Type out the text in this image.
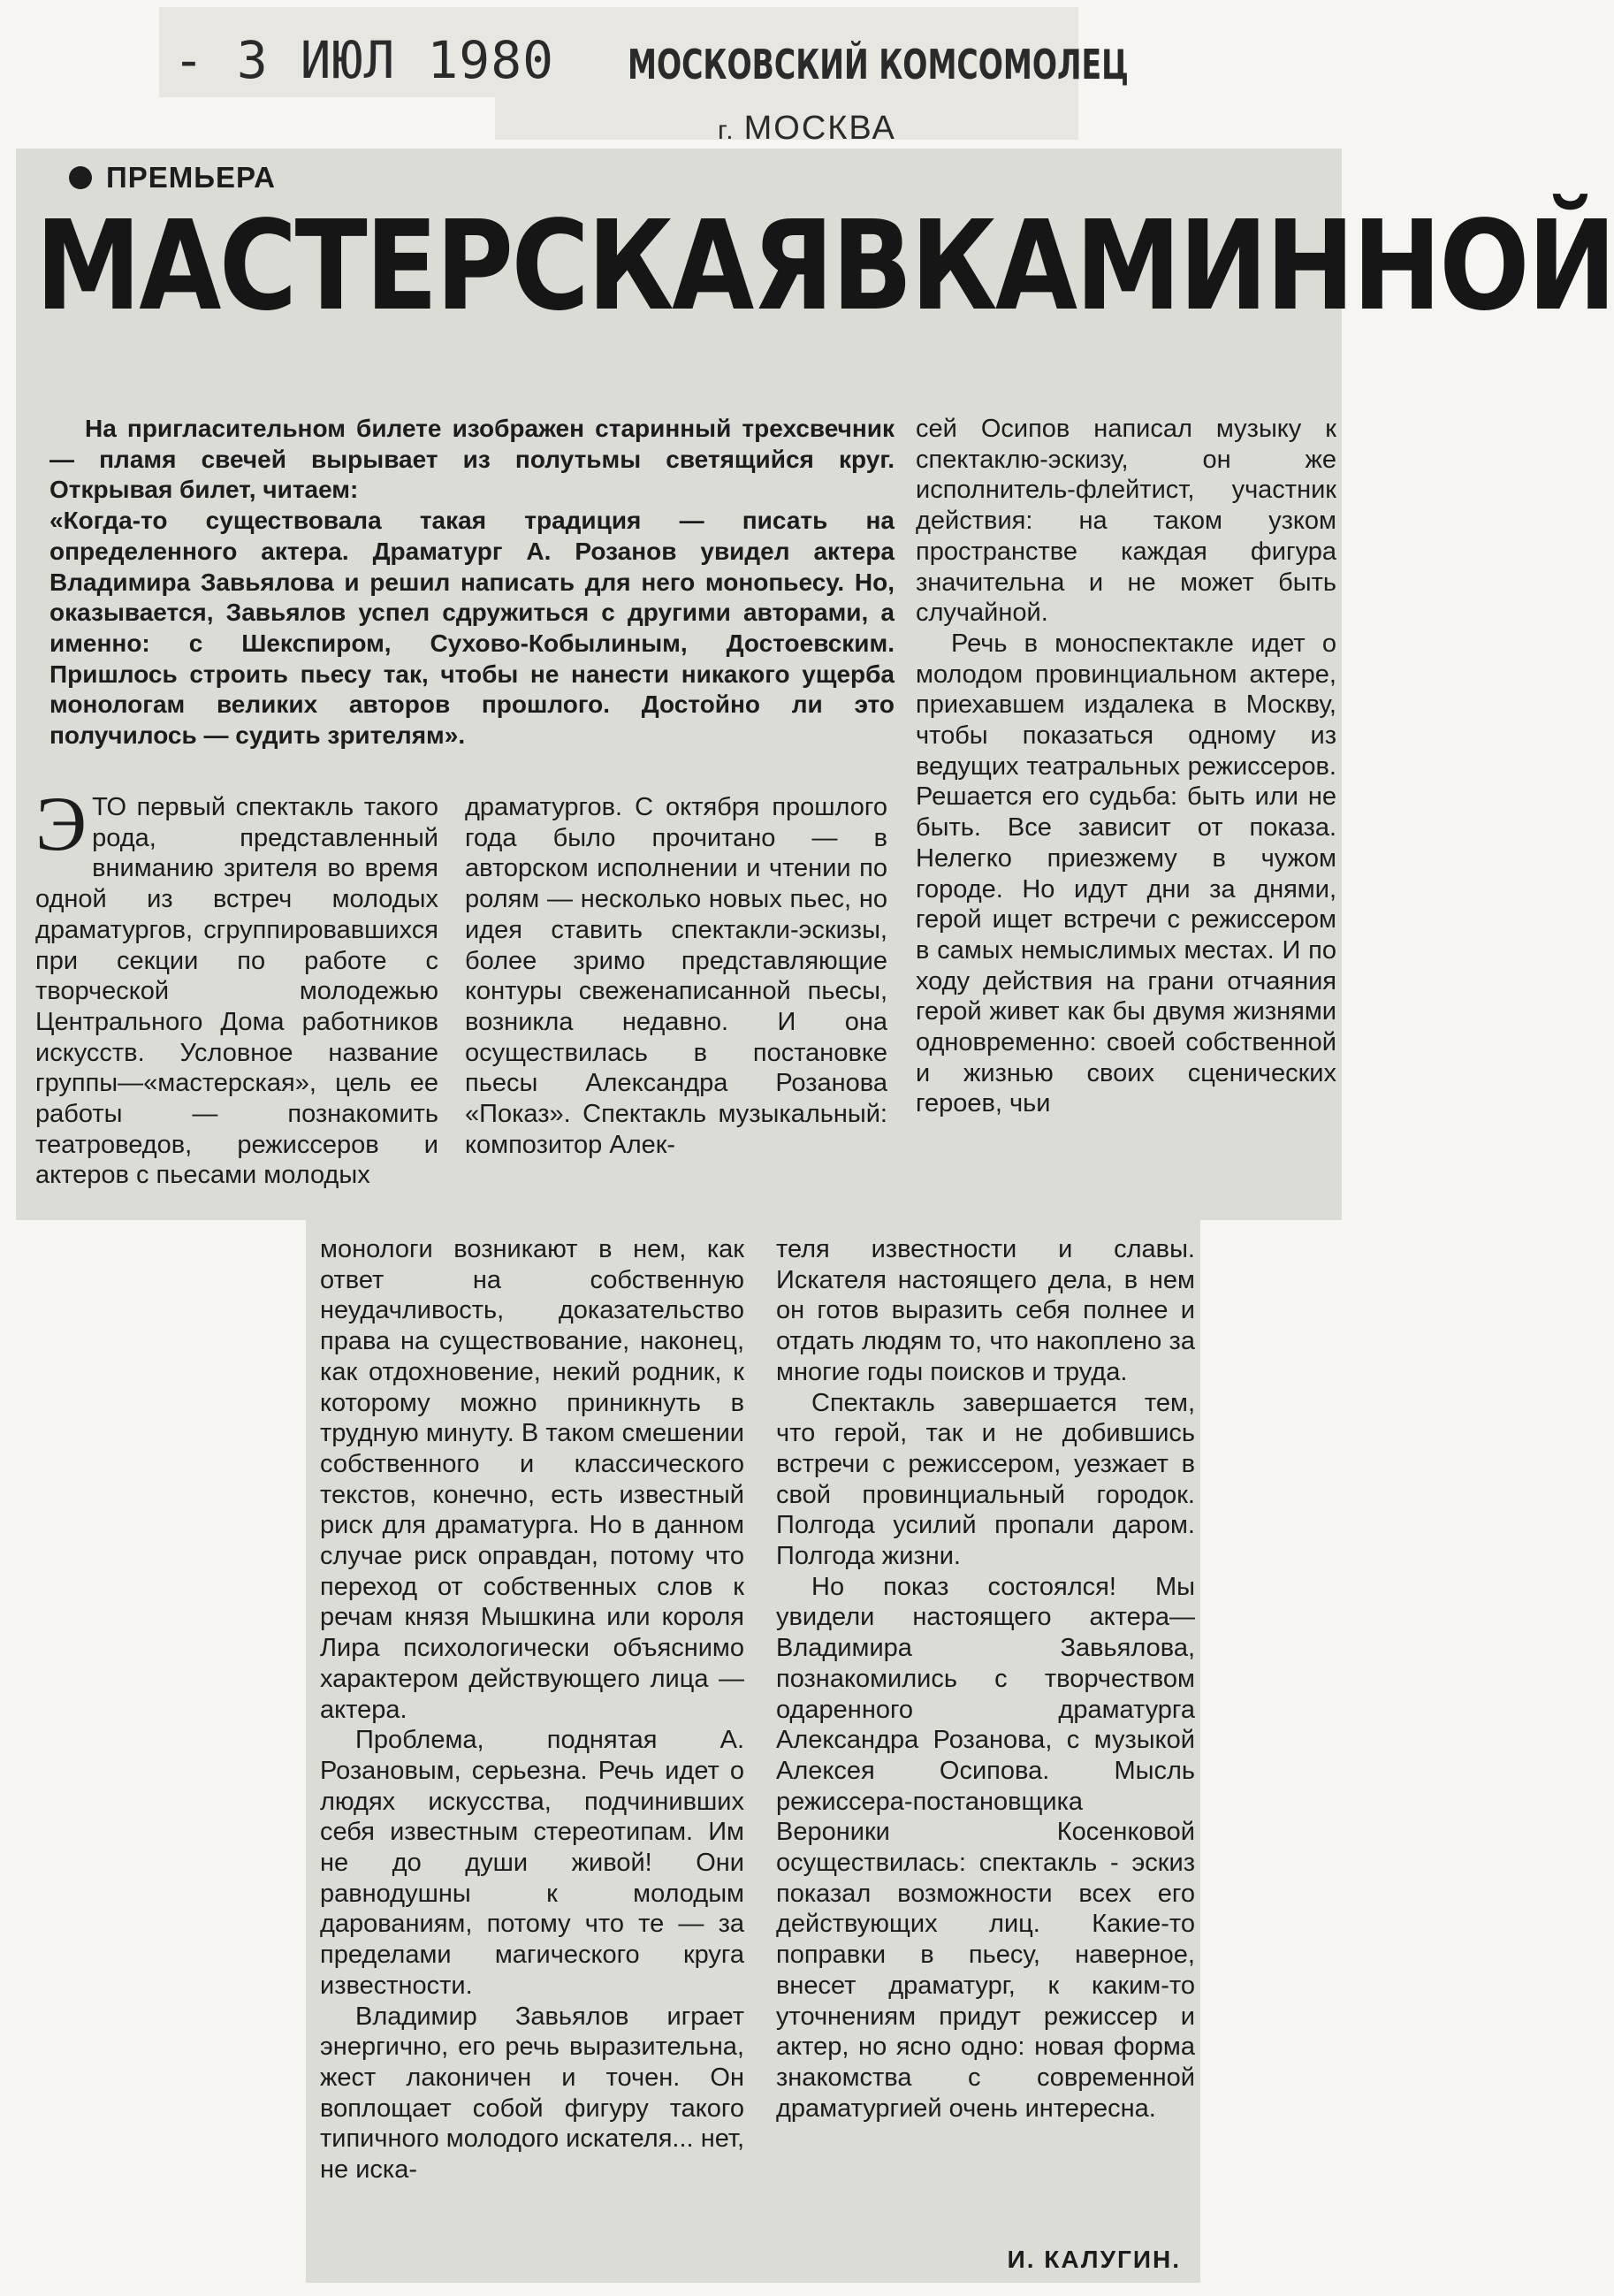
- 3 ИЮЛ 1980 МОСКОВСКИЙ КОМСОМОЛЕЦ
г. МОСКВА
ПРЕМЬЕРА
МАСТЕРСКАЯ В КАМИННОЙ

На пригласительном билете изображен старинный трехсвечник — пламя свечей вырывает из полутьмы светящийся круг. Открывая билет, читаем:

«Когда-то существовала такая традиция — писать на определенного актера. Драматург А. Розанов увидел актера Владимира Завьялова и решил написать для него монопьесу. Но, оказывается, Завьялов успел сдружиться с другими авторами, а именно: с Шекспиром, Сухово-Кобылиным, Достоевским. Пришлось строить пьесу так, чтобы не нанести никакого ущерба монологам великих авторов прошлого. Достойно ли это получилось — судить зрителям».

ЭТО первый спектакль такого рода, представленный вниманию зрителя во время одной из встреч молодых драматургов, сгруппировавшихся при секции по работе с творческой молодежью Центрального Дома работников искусств. Условное название группы—«мастерская», цель ее работы — познакомить театроведов, режиссеров и актеров с пьесами молодых

драматургов. С октября прошлого года было прочитано — в авторском исполнении и чтении по ролям — несколько новых пьес, но идея ставить спектакли-эскизы, более зримо представляющие контуры свеженаписанной пьесы, возникла недавно. И она осуществилась в постановке пьесы Александра Розанова «Показ». Спектакль музыкальный: композитор Алек-

сей Осипов написал музыку к спектаклю-эскизу, он же исполнитель-флейтист, участник действия: на таком узком пространстве каждая фигура значительна и не может быть случайной.

Речь в моноспектакле идет о молодом провинциальном актере, приехавшем издалека в Москву, чтобы показаться одному из ведущих театральных режиссеров. Решается его судьба: быть или не быть. Все зависит от показа. Нелегко приезжему в чужом городе. Но идут дни за днями, герой ищет встречи с режиссером в самых немыслимых местах. И по ходу действия на грани отчаяния герой живет как бы двумя жизнями одновременно: своей собственной и жизнью своих сценических героев, чьи

монологи возникают в нем, как ответ на собственную неудачливость, доказательство права на существование, наконец, как отдохновение, некий родник, к которому можно приникнуть в трудную минуту. В таком смешении собственного и классического текстов, конечно, есть известный риск для драматурга. Но в данном случае риск оправдан, потому что переход от собственных слов к речам князя Мышкина или короля Лира психологически объяснимо характером действующего лица — актера.

Проблема, поднятая А. Розановым, серьезна. Речь идет о людях искусства, подчинивших себя известным стереотипам. Им не до души живой! Они равнодушны к молодым дарованиям, потому что те — за пределами магического круга известности.

Владимир Завьялов играет энергично, его речь выразительна, жест лаконичен и точен. Он воплощает собой фигуру такого типичного молодого искателя... нет, не иска-

теля известности и славы. Искателя настоящего дела, в нем он готов выразить себя полнее и отдать людям то, что накоплено за многие годы поисков и труда.

Спектакль завершается тем, что герой, так и не добившись встречи с режиссером, уезжает в свой провинциальный городок. Полгода усилий пропали даром. Полгода жизни.

Но показ состоялся! Мы увидели настоящего актера— Владимира Завьялова, познакомились с творчеством одаренного драматурга Александра Розанова, с музыкой Алексея Осипова. Мысль режиссера-постановщика Вероники Косенковой осуществилась: спектакль - эскиз показал возможности всех его действующих лиц. Какие-то поправки в пьесу, наверное, внесет драматург, к каким-то уточнениям придут режиссер и актер, но ясно одно: новая форма знакомства с современной драматургией очень интересна.

И. КАЛУГИН.
